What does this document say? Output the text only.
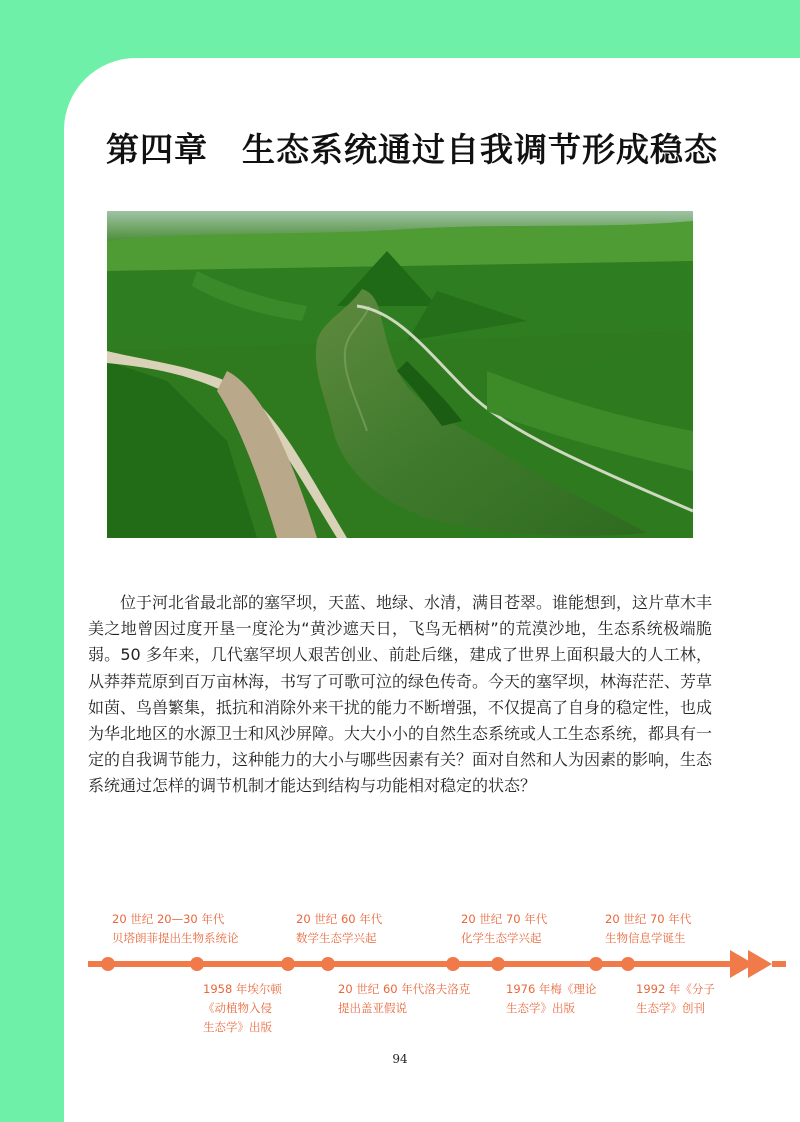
第四章 生态系统通过自我调节形成稳态
位于河北省最北部的塞罕坝，天蓝、地绿、水清，满目苍翠。谁能想到，这片草木丰美之地曾因过度开垦一度沦为“黄沙遮天日，飞鸟无栖树”的荒漠沙地，生态系统极端脆弱。50 多年来，几代塞罕坝人艰苦创业、前赴后继，建成了世界上面积最大的人工林，从莽莽荒原到百万亩林海，书写了可歌可泣的绿色传奇。今天的塞罕坝，林海茫茫、芳草如茵、鸟兽繁集，抵抗和消除外来干扰的能力不断增强，不仅提高了自身的稳定性，也成为华北地区的水源卫士和风沙屏障。大大小小的自然生态系统或人工生态系统，都具有一定的自我调节能力，这种能力的大小与哪些因素有关？面对自然和人为因素的影响，生态系统通过怎样的调节机制才能达到结构与功能相对稳定的状态？
20 世纪 20—30 年代
贝塔朗菲提出生物系统论
1958 年埃尔顿
《动植物入侵
生态学》出版
20 世纪 60 年代
数学生态学兴起
20 世纪 60 年代洛夫洛克
提出盖亚假说
20 世纪 70 年代
化学生态学兴起
1976 年梅《理论
生态学》出版
20 世纪 70 年代
生物信息学诞生
1992 年《分子
生态学》创刊
94
